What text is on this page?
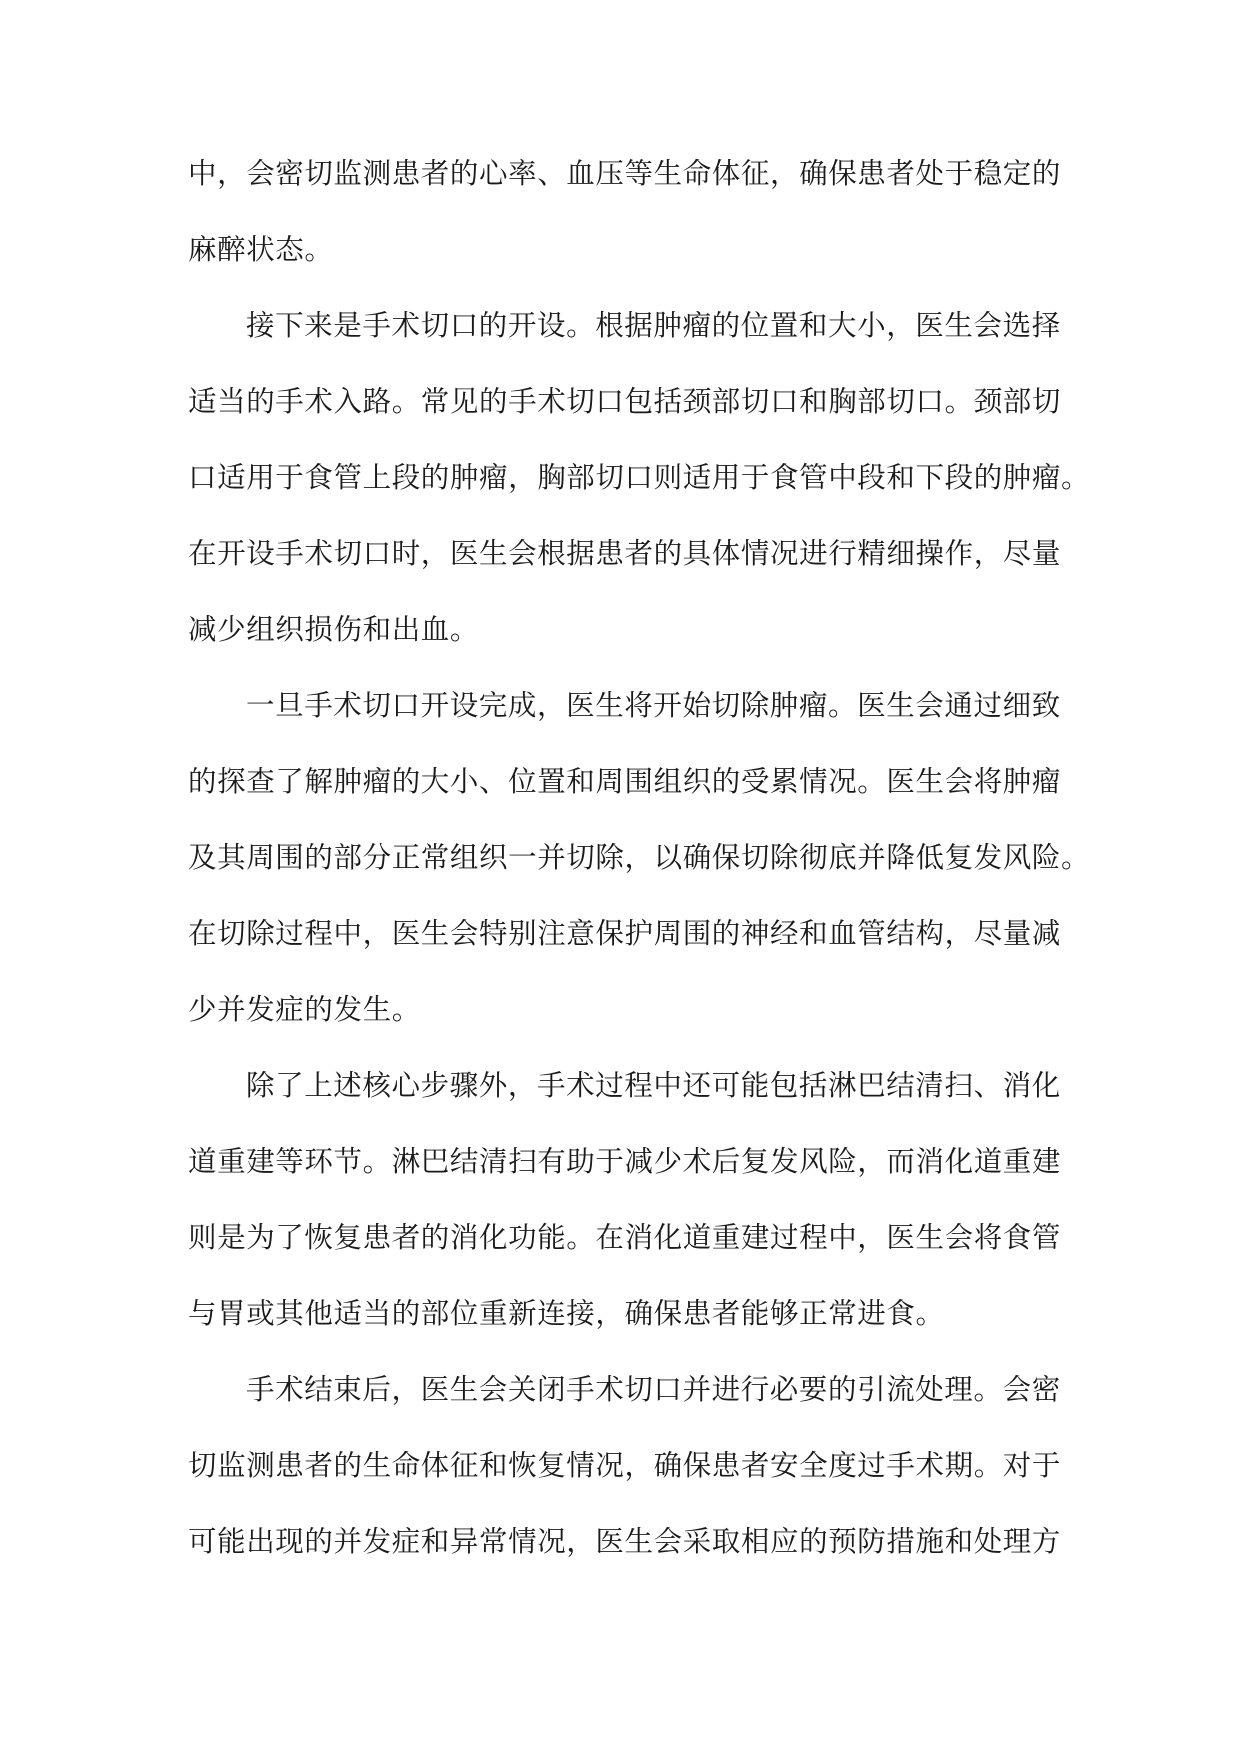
中，会密切监测患者的心率、血压等生命体征，确保患者处于稳定的
麻醉状态。
接下来是手术切口的开设。根据肿瘤的位置和大小，医生会选择
适当的手术入路。常见的手术切口包括颈部切口和胸部切口。颈部切
口适用于食管上段的肿瘤，胸部切口则适用于食管中段和下段的肿瘤。
在开设手术切口时，医生会根据患者的具体情况进行精细操作，尽量
减少组织损伤和出血。
一旦手术切口开设完成，医生将开始切除肿瘤。医生会通过细致
的探查了解肿瘤的大小、位置和周围组织的受累情况。医生会将肿瘤
及其周围的部分正常组织一并切除，以确保切除彻底并降低复发风险。
在切除过程中，医生会特别注意保护周围的神经和血管结构，尽量减
少并发症的发生。
除了上述核心步骤外，手术过程中还可能包括淋巴结清扫、消化
道重建等环节。淋巴结清扫有助于减少术后复发风险，而消化道重建
则是为了恢复患者的消化功能。在消化道重建过程中，医生会将食管
与胃或其他适当的部位重新连接，确保患者能够正常进食。
手术结束后，医生会关闭手术切口并进行必要的引流处理。会密
切监测患者的生命体征和恢复情况，确保患者安全度过手术期。对于
可能出现的并发症和异常情况，医生会采取相应的预防措施和处理方
